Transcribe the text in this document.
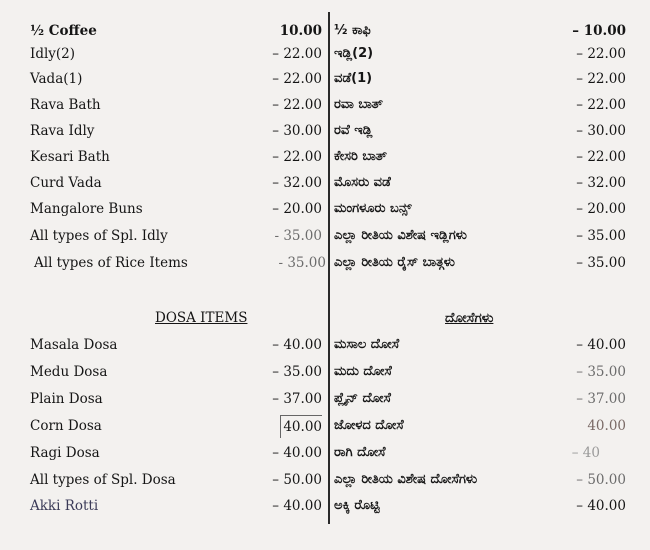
½ Coffee	10.00
Idly(2)	– 22.00
Vada(1)	– 22.00
Rava Bath	– 22.00
Rava Idly	– 30.00
Kesari Bath	– 22.00
Curd Vada	– 32.00
Mangalore Buns	– 20.00
All types of Spl. Idly	- 35.00
All types of Rice Items	- 35.00
½ ಕಾಫಿ	– 10.00
ಇಡ್ಲಿ(2)	– 22.00
ವಡೆ(1)	– 22.00
ರವಾ ಬಾತ್	– 22.00
ರವೆ ಇಡ್ಲಿ	– 30.00
ಕೇಸರಿ ಬಾತ್	– 22.00
ಮೊಸರು ವಡೆ	– 32.00
ಮಂಗಳೂರು ಬನ್ಸ್	– 20.00
ಎಲ್ಲಾ ರೀತಿಯ ವಿಶೇಷ ಇಡ್ಲಿಗಳು	– 35.00
ಎಲ್ಲಾ ರೀತಿಯ ರೈಸ್ ಬಾತ್ಗಳು	– 35.00
DOSA ITEMS	ದೋಸೆಗಳು
Masala Dosa	– 40.00
Medu Dosa	– 35.00
Plain Dosa	– 37.00
Corn Dosa	40.00
Ragi Dosa	– 40.00
All types of Spl. Dosa	– 50.00
Akki Rotti	– 40.00
ಮಸಾಲ ದೋಸೆ	– 40.00
ಮದು ದೋಸೆ	– 35.00
ಪ್ಲೈನ್ ದೋಸೆ	– 37.00
ಜೋಳದ ದೋಸೆ	40.00
ರಾಗಿ ದೋಸೆ	– 40
ಎಲ್ಲಾ ರೀತಿಯ ವಿಶೇಷ ದೋಸೆಗಳು	– 50.00
ಅಕ್ಕಿ ರೊಟ್ಟಿ	– 40.00
